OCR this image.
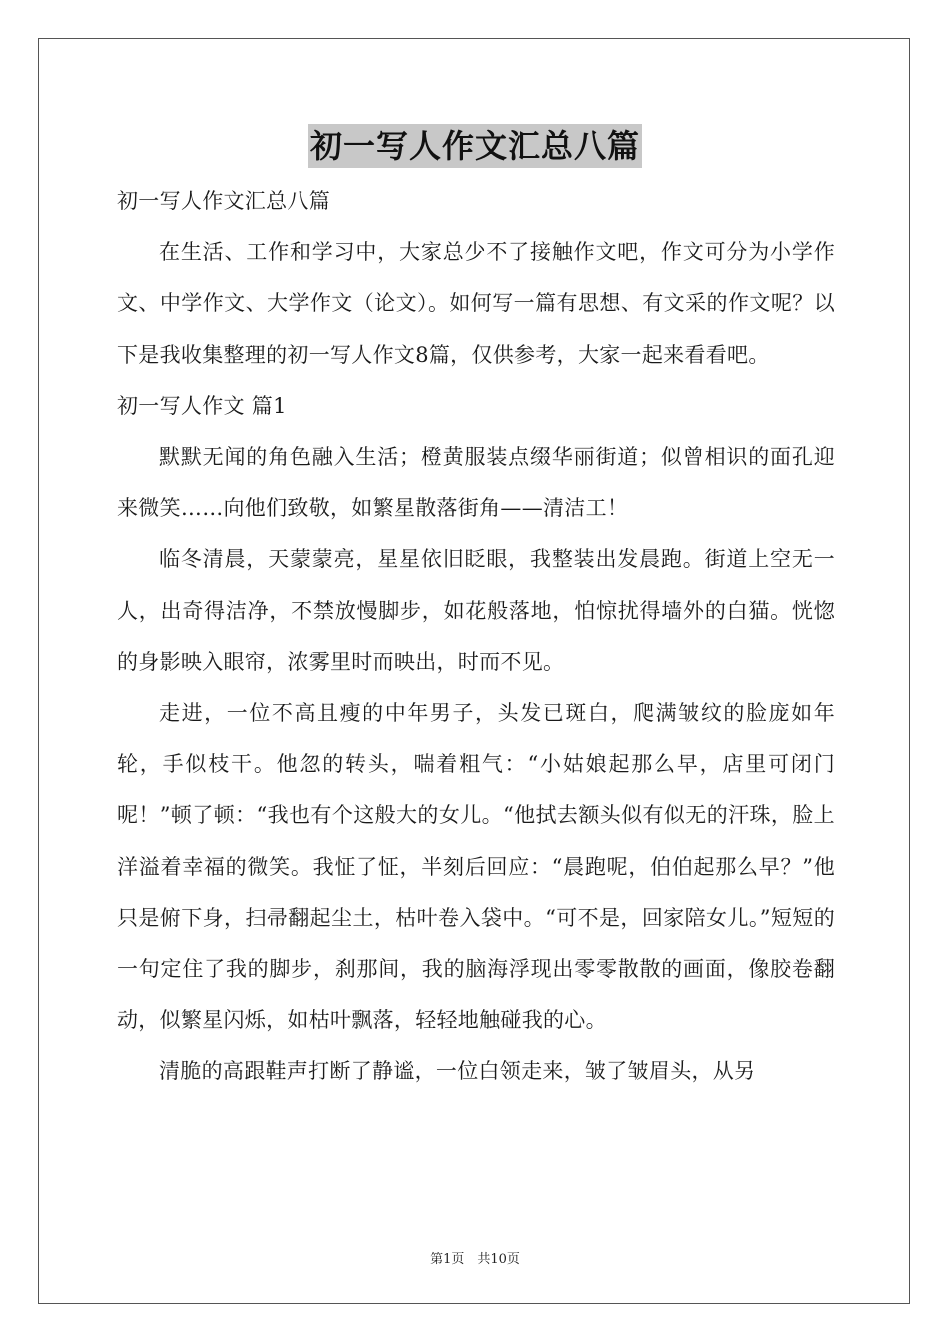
初一写人作文汇总八篇

初一写人作文汇总八篇

在生活、工作和学习中，大家总少不了接触作文吧，作文可分为小学作文、中学作文、大学作文（论文）。如何写一篇有思想、有文采的作文呢？以下是我收集整理的初一写人作文8篇，仅供参考，大家一起来看看吧。

初一写人作文 篇1

默默无闻的角色融入生活；橙黄服装点缀华丽街道；似曾相识的面孔迎来微笑……向他们致敬，如繁星散落街角——清洁工！

临冬清晨，天蒙蒙亮，星星依旧眨眼，我整装出发晨跑。街道上空无一人，出奇得洁净，不禁放慢脚步，如花般落地，怕惊扰得墙外的白猫。恍惚的身影映入眼帘，浓雾里时而映出，时而不见。

走进，一位不高且瘦的中年男子，头发已斑白，爬满皱纹的脸庞如年轮，手似枝干。他忽的转头，喘着粗气：“小姑娘起那么早，店里可闭门呢！”顿了顿：“我也有个这般大的女儿。“他拭去额头似有似无的汗珠，脸上洋溢着幸福的微笑。我怔了怔，半刻后回应：“晨跑呢，伯伯起那么早？”他只是俯下身，扫帚翻起尘土，枯叶卷入袋中。“可不是，回家陪女儿。”短短的一句定住了我的脚步，刹那间，我的脑海浮现出零零散散的画面，像胶卷翻动，似繁星闪烁，如枯叶飘落，轻轻地触碰我的心。

清脆的高跟鞋声打断了静谧，一位白领走来，皱了皱眉头，从另

第1页　共10页
